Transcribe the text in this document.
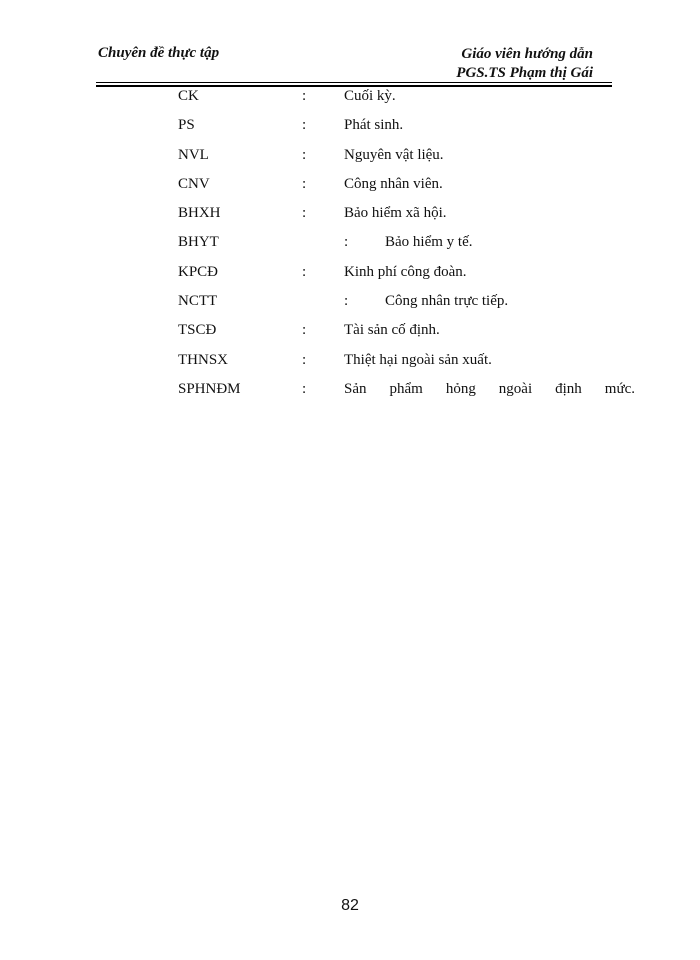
Chuyên đề thực tập	Giáo viên hướng dẫn
PGS.TS Phạm thị Gái
CK	:	Cuối kỳ.
PS	:	Phát sinh.
NVL	:	Nguyên vật liệu.
CNV	:	Công nhân viên.
BHXH	:	Bảo hiểm xã hội.
BHYT	: Bảo hiểm y tế.
KPCĐ	:	Kinh phí công đoàn.
NCTT	: Công nhân trực tiếp.
TSCĐ	:	Tài sản cố định.
THNSX	:	Thiệt hại ngoài sản xuất.
SPHNĐM	:	Sản phẩm hỏng ngoài định mức.
82
